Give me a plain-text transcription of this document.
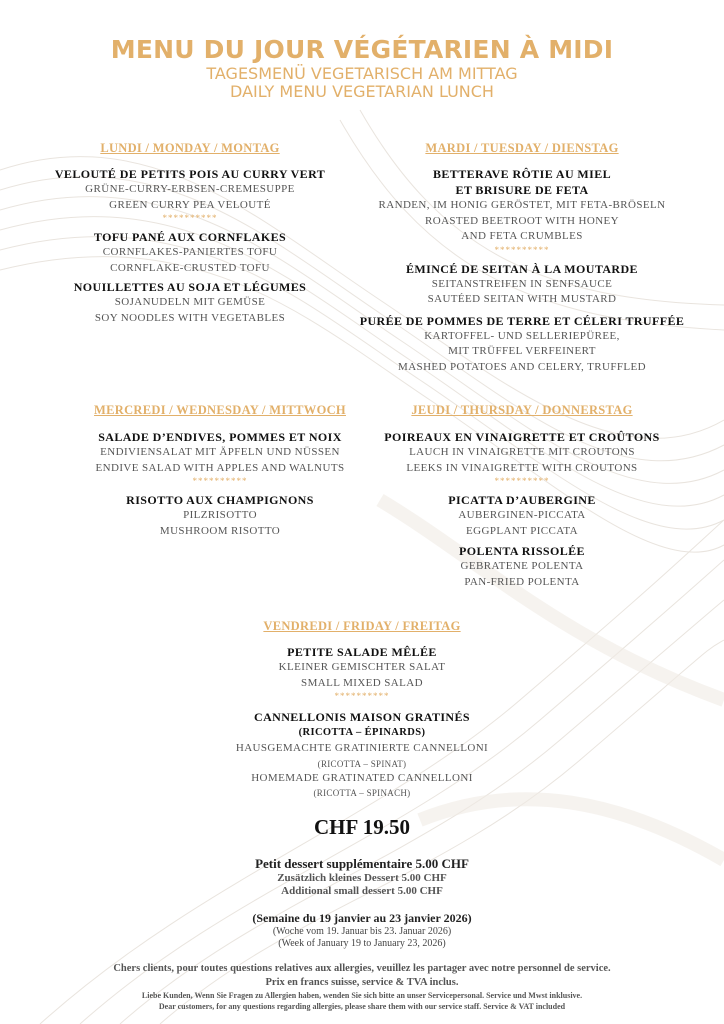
MENU DU JOUR VÉGÉTARIEN À MIDI
TAGESMENÜ VEGETARISCH AM MITTAG
DAILY MENU VEGETARIAN LUNCH
LUNDI / MONDAY / MONTAG
VELOUTÉ DE PETITS POIS AU CURRY VERT
GRÜNE-CURRY-ERBSEN-CREMESUPPE
GREEN CURRY PEA VELOUTÉ
**********
TOFU PANÉ AUX CORNFLAKES
CORNFLAKES-PANIERTES TOFU
CORNFLAKE-CRUSTED TOFU
NOUILLETTES AU SOJA ET LÉGUMES
SOJANUDELN MIT GEMÜSE
SOY NOODLES WITH VEGETABLES
MARDI / TUESDAY / DIENSTAG
BETTERAVE RÔTIE AU MIEL
ET BRISURE DE FETA
RANDEN, IM HONIG GERÖSTET, MIT FETA-BRÖSELN
ROASTED BEETROOT WITH HONEY
AND FETA CRUMBLES
**********
ÉMINCÉ DE SEITAN À LA MOUTARDE
SEITANSTREIFEN IN SENFSAUCE
SAUTÉED SEITAN WITH MUSTARD
PURÉE DE POMMES DE TERRE ET CÉLERI TRUFFÉE
KARTOFFEL- UND SELLERIEPÜREE,
MIT TRÜFFEL VERFEINERT
MASHED POTATOES AND CELERY, TRUFFLED
MERCREDI / WEDNESDAY / MITTWOCH
SALADE D’ENDIVES, POMMES ET NOIX
ENDIVIENSALAT MIT ÄPFELN UND NÜSSEN
ENDIVE SALAD WITH APPLES AND WALNUTS
**********
RISOTTO AUX CHAMPIGNONS
PILZRISOTTO
MUSHROOM RISOTTO
JEUDI / THURSDAY / DONNERSTAG
POIREAUX EN VINAIGRETTE ET CROÛTONS
LAUCH IN VINAIGRETTE MIT CROUTONS
LEEKS IN VINAIGRETTE WITH CROUTONS
**********
PICATTA D’AUBERGINE
AUBERGINEN-PICCATA
EGGPLANT PICCATA
POLENTA RISSOLÉE
GEBRATENE POLENTA
PAN-FRIED POLENTA
VENDREDI / FRIDAY / FREITAG
PETITE SALADE MÊLÉE
KLEINER GEMISCHTER SALAT
SMALL MIXED SALAD
**********
CANNELLONIS MAISON GRATINÉS
(RICOTTA – ÉPINARDS)
HAUSGEMACHTE GRATINIERTE CANNELLONI
(RICOTTA – SPINAT)
HOMEMADE GRATINATED CANNELLONI
(RICOTTA – SPINACH)
CHF 19.50
Petit dessert supplémentaire 5.00 CHF
Zusätzlich kleines Dessert 5.00 CHF
Additional small dessert 5.00 CHF
(Semaine du 19 janvier au 23 janvier 2026)
(Woche vom 19. Januar bis 23. Januar 2026)
(Week of January 19 to January 23, 2026)
Chers clients, pour toutes questions relatives aux allergies, veuillez les partager avec notre personnel de service.
Prix en francs suisse, service & TVA inclus.
Liebe Kunden, Wenn Sie Fragen zu Allergien haben, wenden Sie sich bitte an unser Servicepersonal. Service und Mwst inklusive.
Dear customers, for any questions regarding allergies, please share them with our service staff. Service & VAT included
